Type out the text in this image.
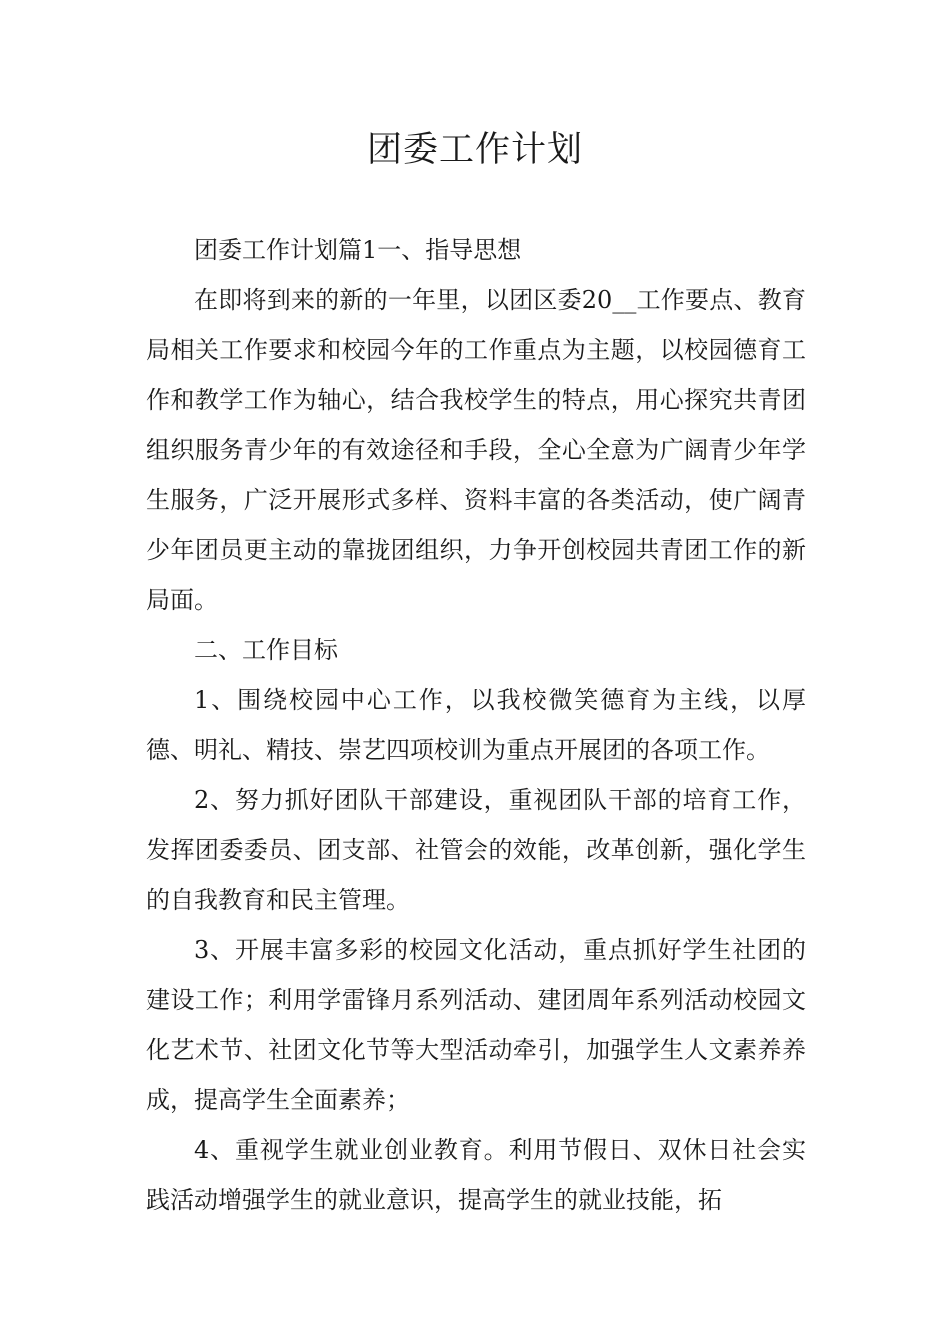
团委工作计划

团委工作计划篇1一、指导思想

在即将到来的新的一年里，以团区委20__工作要点、教育局相关工作要求和校园今年的工作重点为主题，以校园德育工作和教学工作为轴心，结合我校学生的特点，用心探究共青团组织服务青少年的有效途径和手段，全心全意为广阔青少年学生服务，广泛开展形式多样、资料丰富的各类活动，使广阔青少年团员更主动的靠拢团组织，力争开创校园共青团工作的新局面。

二、工作目标

1、围绕校园中心工作，以我校微笑德育为主线，以厚德、明礼、精技、崇艺四项校训为重点开展团的各项工作。

2、努力抓好团队干部建设，重视团队干部的培育工作，发挥团委委员、团支部、社管会的效能，改革创新，强化学生的自我教育和民主管理。

3、开展丰富多彩的校园文化活动，重点抓好学生社团的建设工作；利用学雷锋月系列活动、建团周年系列活动校园文化艺术节、社团文化节等大型活动牵引，加强学生人文素养养成，提高学生全面素养；

4、重视学生就业创业教育。利用节假日、双休日社会实践活动增强学生的就业意识，提高学生的就业技能，拓
